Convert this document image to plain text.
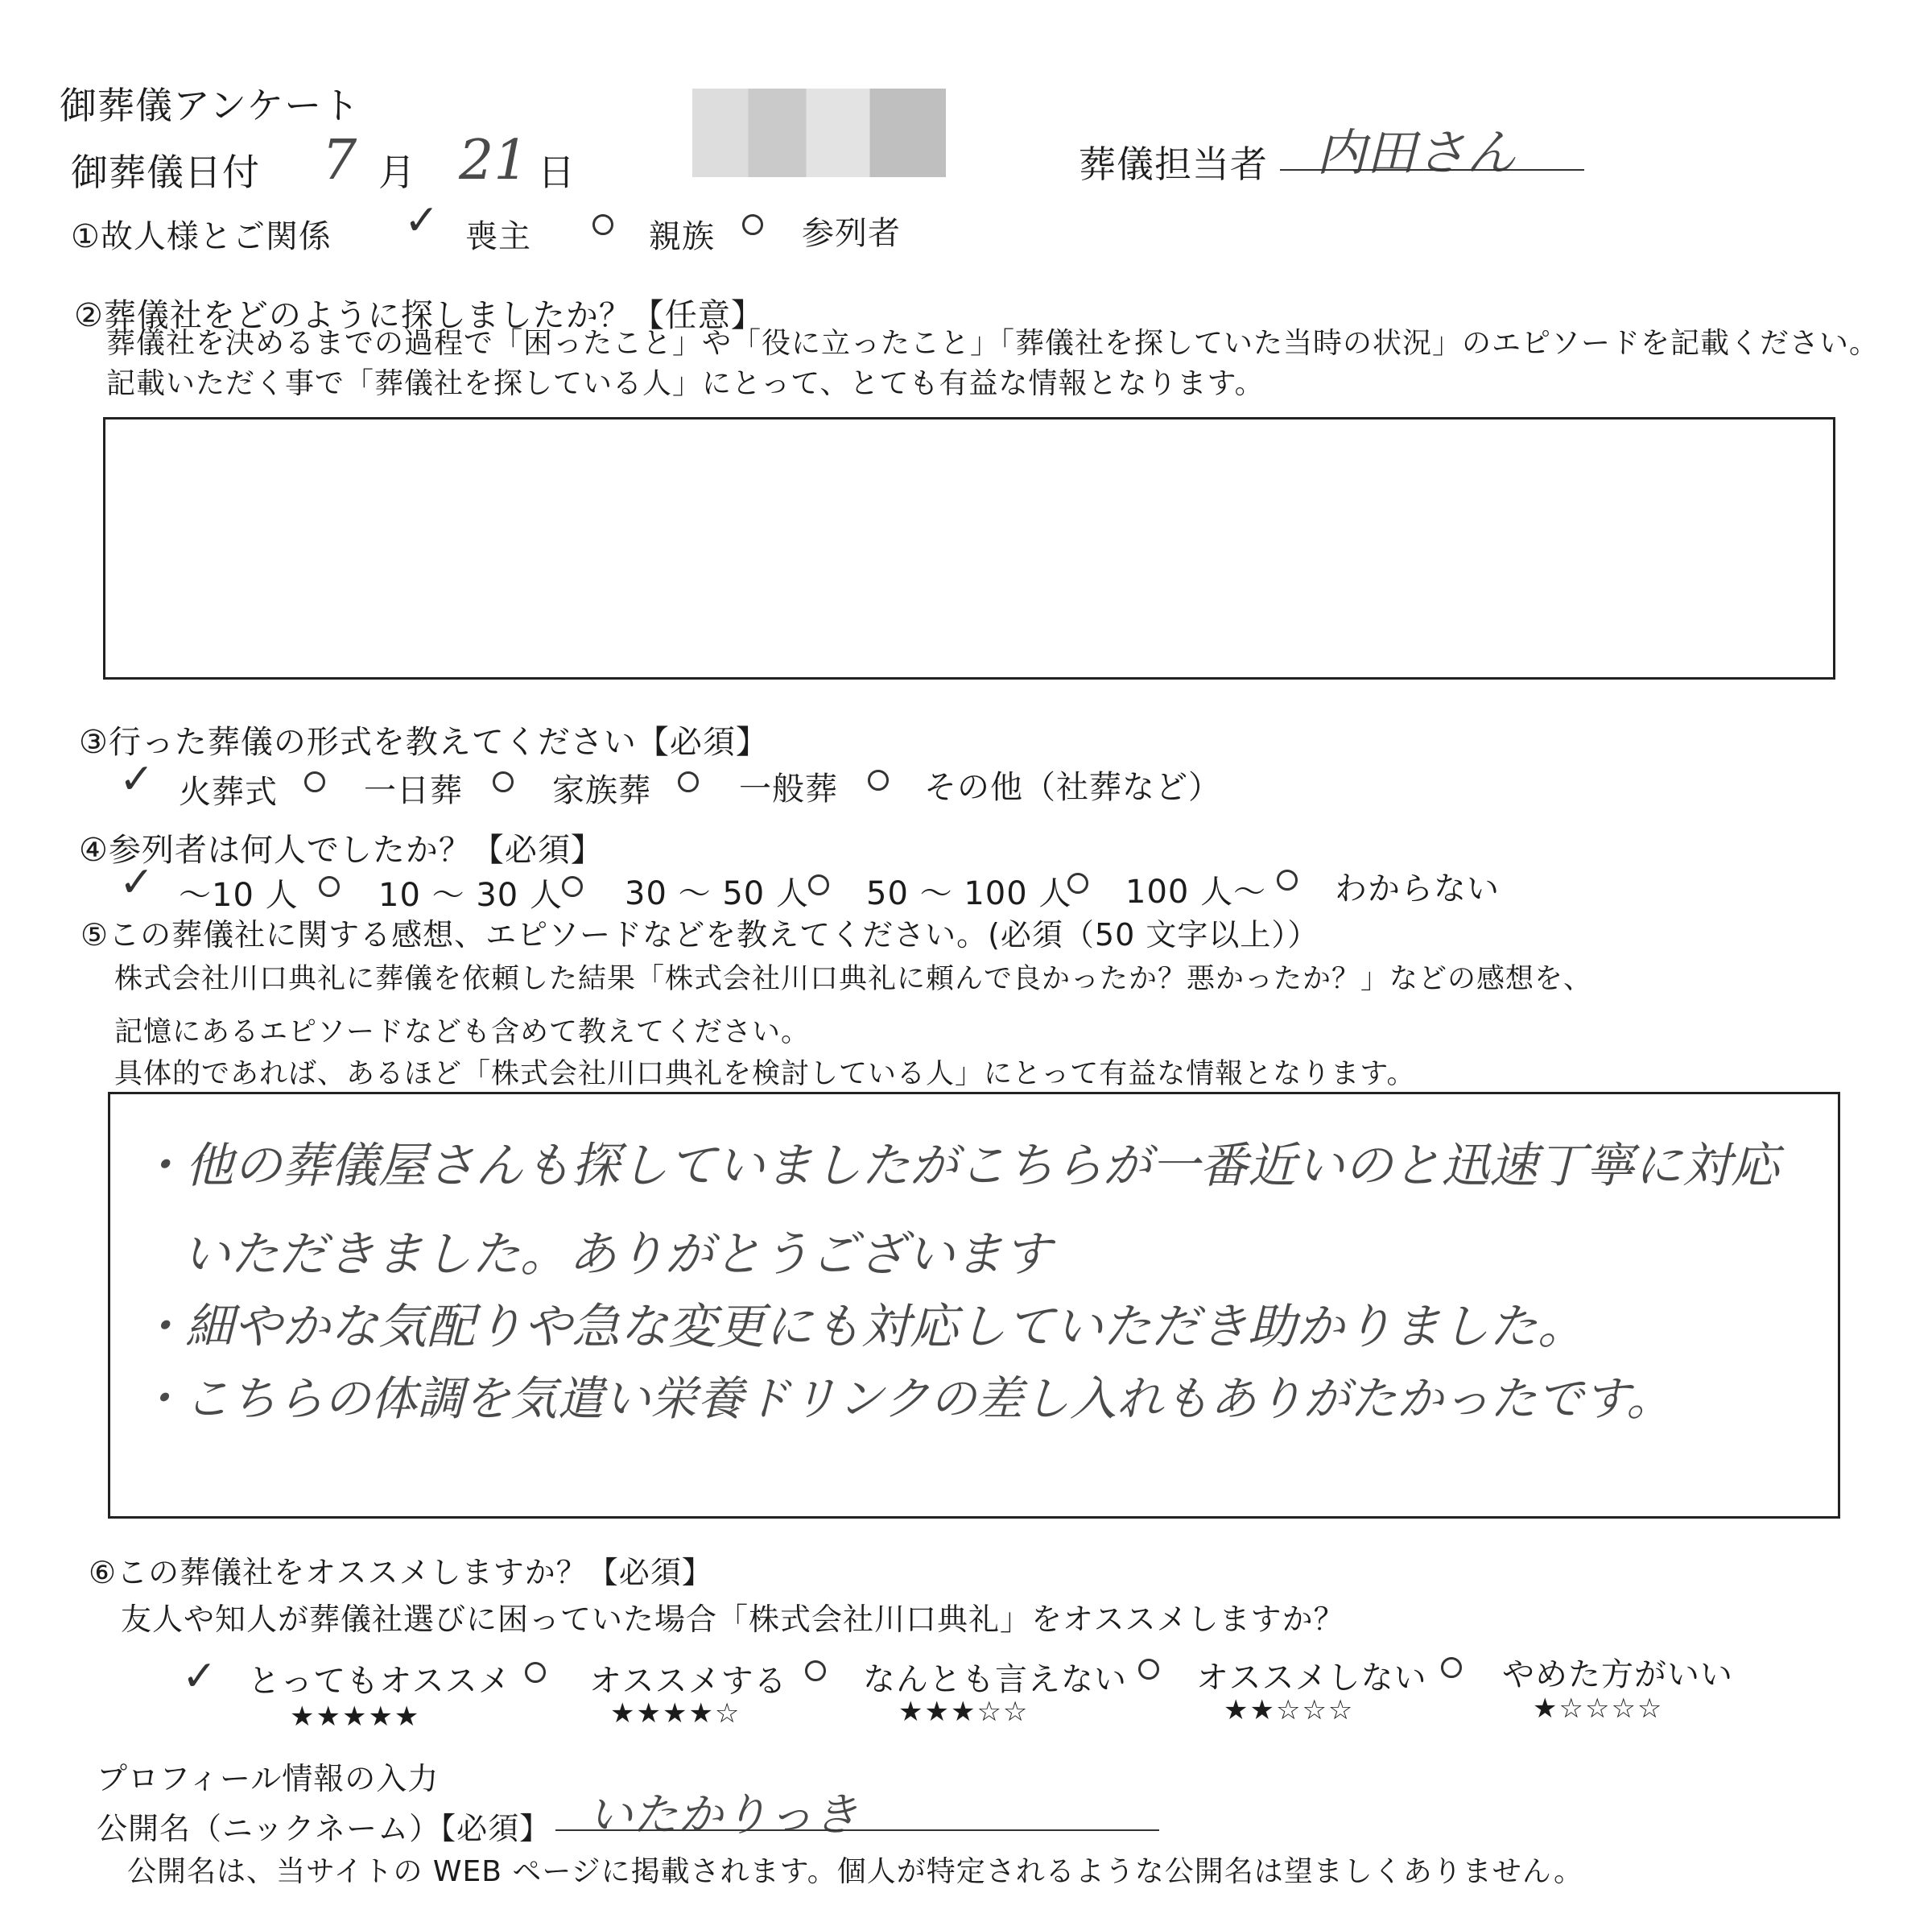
御葬儀アンケート
御葬儀日付 7 月 21 日	葬儀担当者 内田さん
①故人様とご関係 ✓ 喪主	親族	参列者
②葬儀社をどのように探しましたか？【任意】
葬儀社を決めるまでの過程で「困ったこと」や「役に立ったこと」「葬儀社を探していた当時の状況」のエピソードを記載ください。
記載いただく事で「葬儀社を探している人」にとって、とても有益な情報となります。
③行った葬儀の形式を教えてください【必須】
✓ 火葬式	一日葬	家族葬	一般葬	その他（社葬など）
④参列者は何人でしたか？【必須】
✓ ～10 人 10 ～ 30 人 30 ～ 50 人 50 ～ 100 人 100 人～ わからない
⑤この葬儀社に関する感想、エピソードなどを教えてください。(必須（50 文字以上））
株式会社川口典礼に葬儀を依頼した結果「株式会社川口典礼に頼んで良かったか？悪かったか？」などの感想を、
記憶にあるエピソードなども含めて教えてください。
具体的であれば、あるほど「株式会社川口典礼を検討している人」にとって有益な情報となります。
・他の葬儀屋さんも探していましたがこちらが一番近いのと迅速丁寧に対応
いただきました。ありがとうございます
・細やかな気配りや急な変更にも対応していただき助かりました。
・こちらの体調を気遣い栄養ドリンクの差し入れもありがたかったです。
⑥この葬儀社をオススメしますか？【必須】
友人や知人が葬儀社選びに困っていた場合「株式会社川口典礼」をオススメしますか？
✓ とってもオススメ
★★★★★
オススメする
★★★★☆
なんとも言えない
★★★☆☆
オススメしない
★★☆☆☆
やめた方がいい
★☆☆☆☆
プロフィール情報の入力
公開名（ニックネーム）【必須】 いたかりっき
公開名は、当サイトの WEB ページに掲載されます。個人が特定されるような公開名は望ましくありません。
